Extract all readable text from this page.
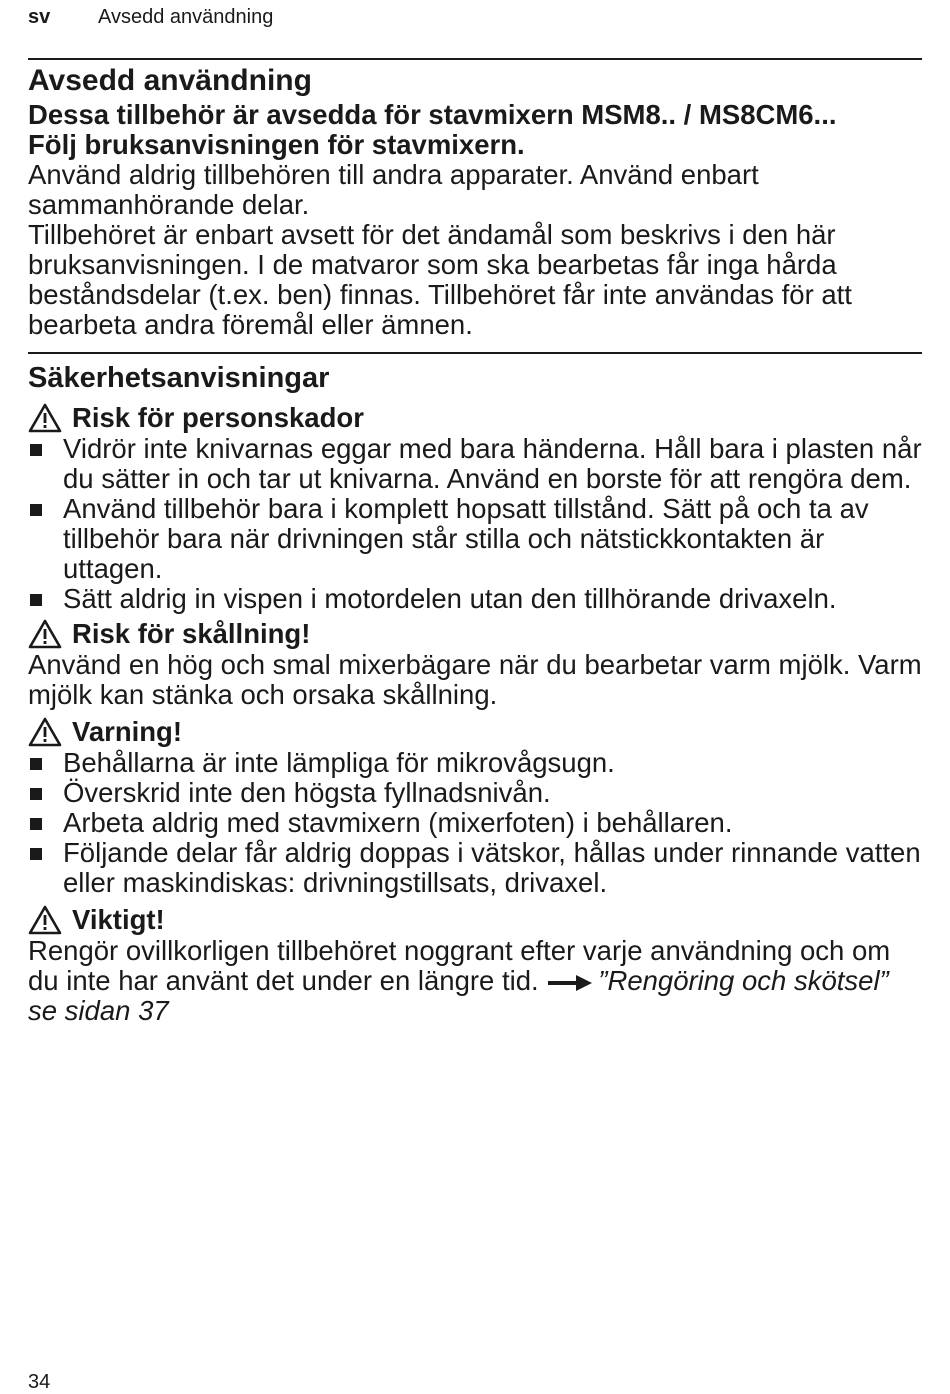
sv Avsedd användning
Avsedd användning

Dessa tillbehör är avsedda för stavmixern MSM8.. / MS8CM6...

Följ bruksanvisningen för stavmixern.

Använd aldrig tillbehören till andra apparater. Använd enbart sammanhörande delar.

Tillbehöret är enbart avsett för det ändamål som beskrivs i den här bruksanvisningen. I de matvaror som ska bearbetas får inga hårda beståndsdelar (t.ex. ben) finnas. Tillbehöret får inte användas för att bearbeta andra föremål eller ämnen.

Säkerhetsanvisningar
Risk för personskador
Vidrör inte knivarnas eggar med bara händerna. Håll bara i plasten når du sätter in och tar ut knivarna. Använd en borste för att rengöra dem.
Använd tillbehör bara i komplett hopsatt tillstånd. Sätt på och ta av tillbehör bara när drivningen står stilla och nätstickkontakten är uttagen.
Sätt aldrig in vispen i motordelen utan den tillhörande drivaxeln.
Risk för skållning!

Använd en hög och smal mixerbägare när du bearbetar varm mjölk. Varm mjölk kan stänka och orsaka skållning.

Varning!
Behållarna är inte lämpliga för mikrovågsugn.
Överskrid inte den högsta fyllnadsnivån.
Arbeta aldrig med stavmixern (mixerfoten) i behållaren.
Följande delar får aldrig doppas i vätskor, hållas under rinnande vatten eller maskindiskas: drivningstillsats, drivaxel.
Viktigt!

Rengör ovillkorligen tillbehöret noggrant efter varje användning och om du inte har använt det under en längre tid. ”Rengöring och skötsel” se sidan 37

34
